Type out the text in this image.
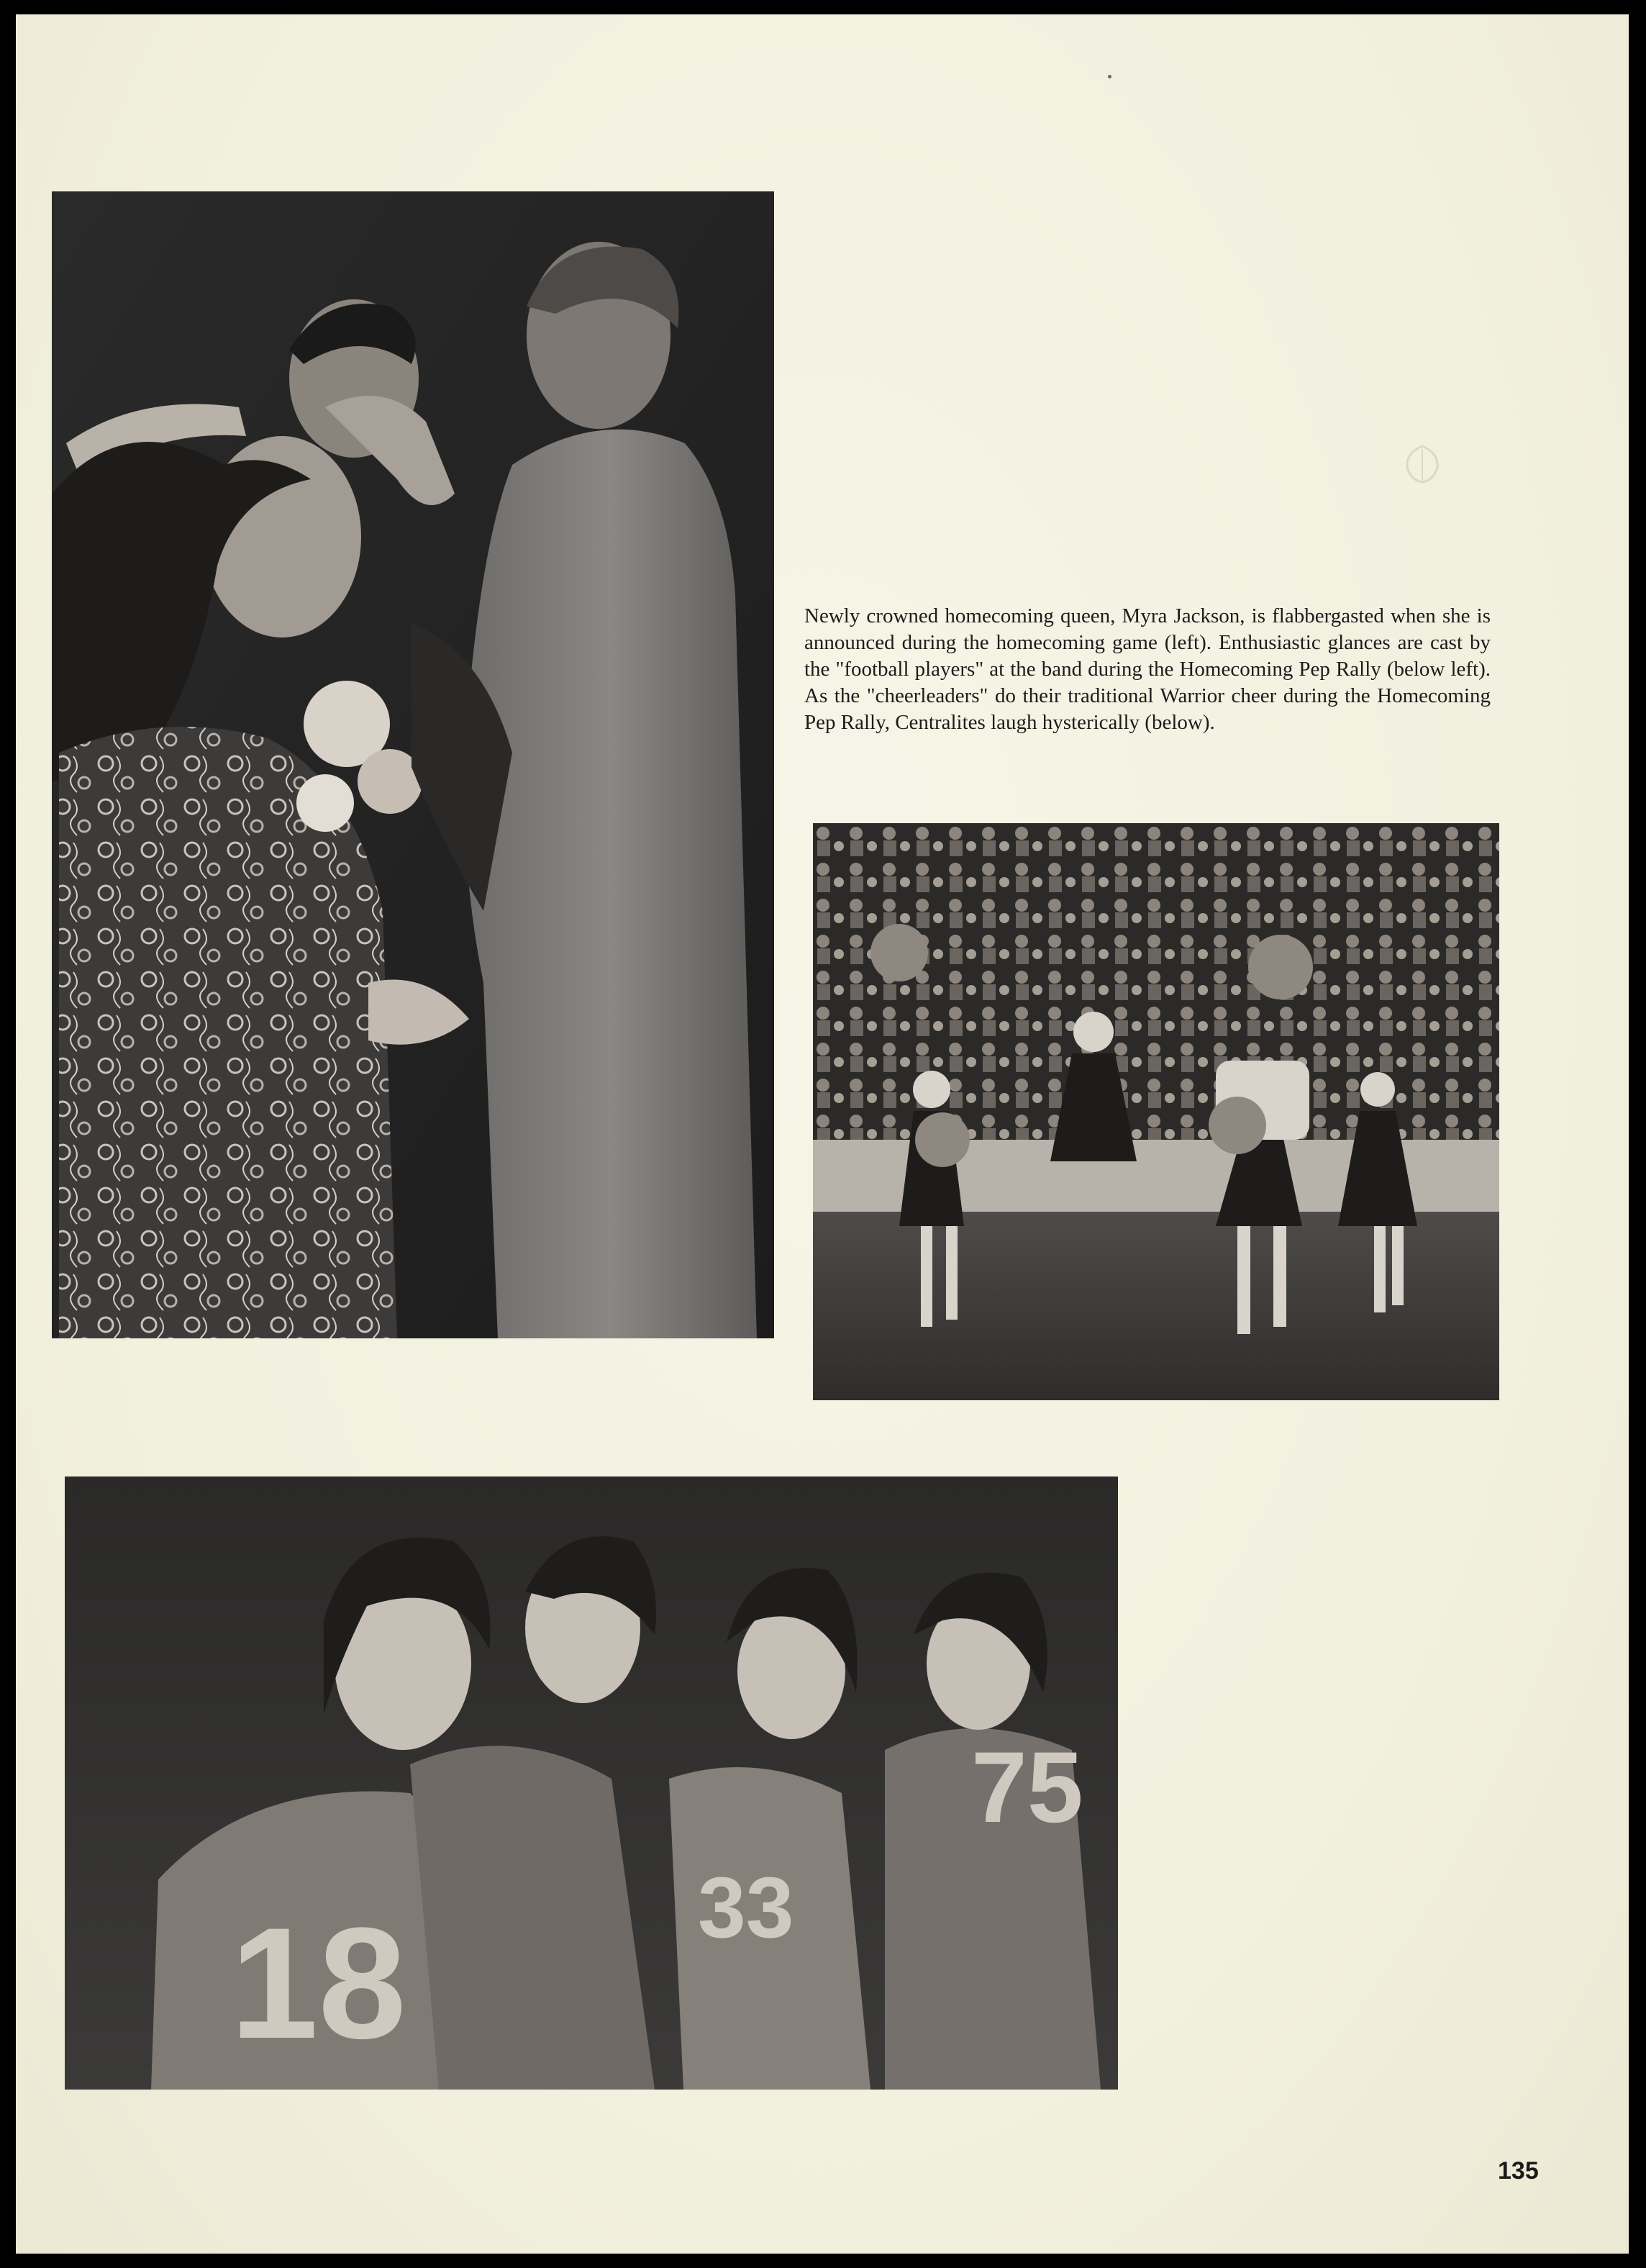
Newly crowned homecoming queen, Myra Jackson, is flabbergasted when she is announced during the homecoming game (left). Enthusiastic glances are cast by the "football players" at the band during the Homecoming Pep Rally (below left). As the "cheerleaders" do their traditional Warrior cheer during the Homecoming Pep Rally, Centralites laugh hysterically (below).

18	33
75
135
